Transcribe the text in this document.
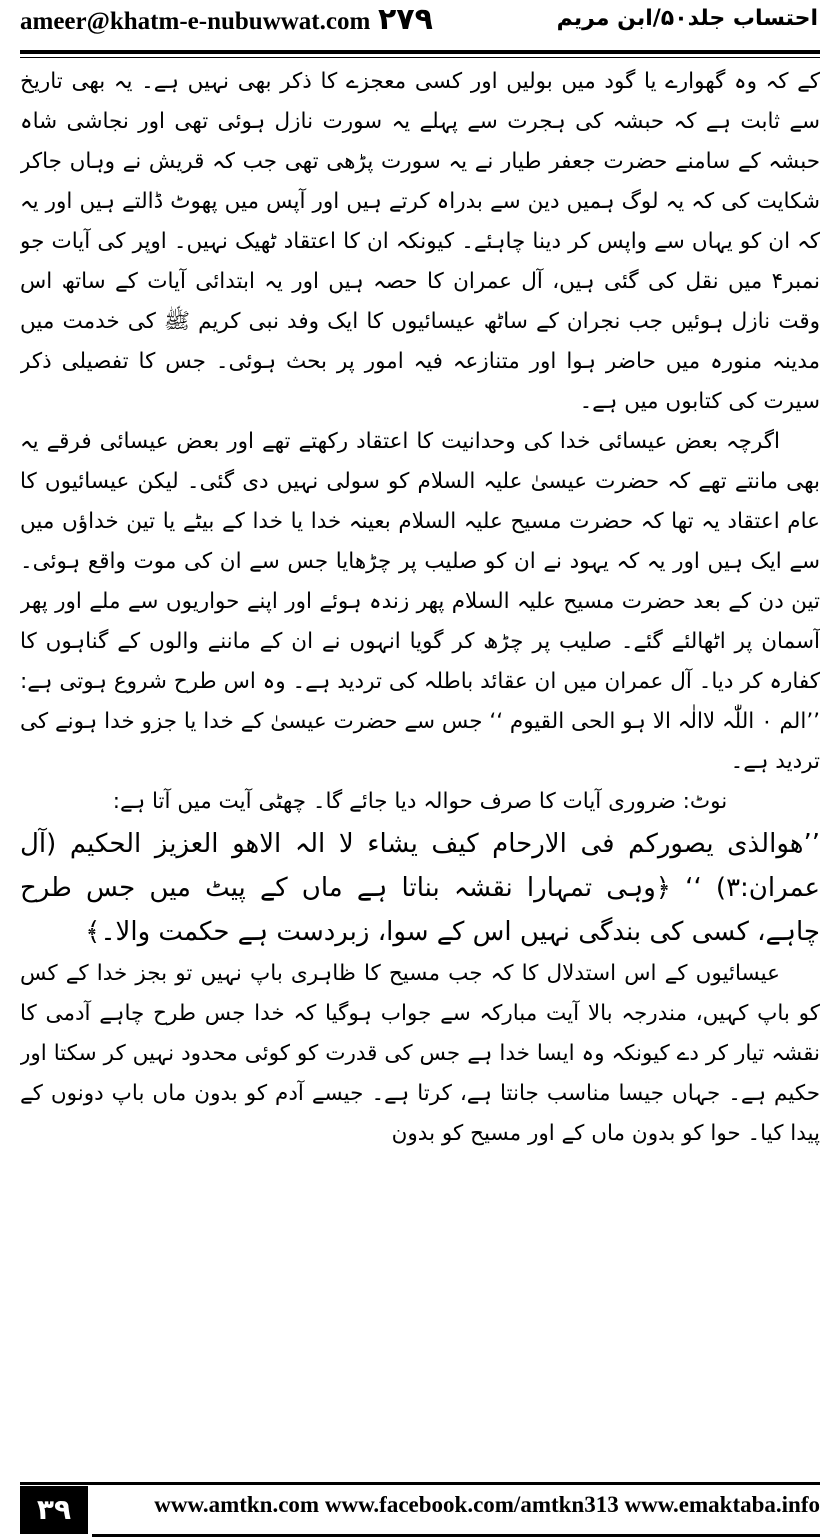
ameer@khatm-e-nubuwwat.com ۲۷۹	احتساب جلد۵۰/ابن مریم

کے کہ وہ گھوارے یا گود میں بولیں اور کسی معجزے کا ذکر بھی نہیں ہے۔ یہ بھی تاریخ سے ثابت ہے کہ حبشہ کی ہجرت سے پہلے یہ سورت نازل ہوئی تھی اور نجاشی شاہ حبشہ کے سامنے حضرت جعفر طیار نے یہ سورت پڑھی تھی جب کہ قریش نے وہاں جاکر شکایت کی کہ یہ لوگ ہمیں دین سے بدراہ کرتے ہیں اور آپس میں پھوٹ ڈالتے ہیں اور یہ کہ ان کو یہاں سے واپس کر دینا چاہئے۔ کیونکہ ان کا اعتقاد ٹھیک نہیں۔ اوپر کی آیات جو نمبر۴ میں نقل کی گئی ہیں، آل عمران کا حصہ ہیں اور یہ ابتدائی آیات کے ساتھ اس وقت نازل ہوئیں جب نجران کے ساٹھ عیسائیوں کا ایک وفد نبی کریم ﷺ کی خدمت میں مدینہ منورہ میں حاضر ہوا اور متنازعہ فیہ امور پر بحث ہوئی۔ جس کا تفصیلی ذکر سیرت کی کتابوں میں ہے۔

اگرچہ بعض عیسائی خدا کی وحدانیت کا اعتقاد رکھتے تھے اور بعض عیسائی فرقے یہ بھی مانتے تھے کہ حضرت عیسیٰ علیہ السلام کو سولی نہیں دی گئی۔ لیکن عیسائیوں کا عام اعتقاد یہ تھا کہ حضرت مسیح علیہ السلام بعینہ خدا یا خدا کے بیٹے یا تین خداؤں میں سے ایک ہیں اور یہ کہ یہود نے ان کو صلیب پر چڑھایا جس سے ان کی موت واقع ہوئی۔ تین دن کے بعد حضرت مسیح علیہ السلام پھر زندہ ہوئے اور اپنے حواریوں سے ملے اور پھر آسمان پر اٹھالئے گئے۔ صلیب پر چڑھ کر گویا انہوں نے ان کے ماننے والوں کے گناہوں کا کفارہ کر دیا۔ آل عمران میں ان عقائد باطلہ کی تردید ہے۔ وہ اس طرح شروع ہوتی ہے: ’’الم ۰ اللّٰہ لاالٰہ الا ہو الحی القیوم ‘‘ جس سے حضرت عیسیٰ کے خدا یا جزو خدا ہونے کی تردید ہے۔

نوٹ: ضروری آیات کا صرف حوالہ دیا جائے گا۔ چھٹی آیت میں آتا ہے:

’’ھوالذی یصورکم فی الارحام کیف یشاء لا الہ الاھو العزیز الحکیم (آل عمران:۳) ‘‘ ﴿وہی تمہارا نقشہ بناتا ہے ماں کے پیٹ میں جس طرح چاہے، کسی کی بندگی نہیں اس کے سوا، زبردست ہے حکمت والا۔﴾

عیسائیوں کے اس استدلال کا کہ جب مسیح کا ظاہری باپ نہیں تو بجز خدا کے کس کو باپ کہیں، مندرجہ بالا آیت مبارکہ سے جواب ہوگیا کہ خدا جس طرح چاہے آدمی کا نقشہ تیار کر دے کیونکہ وہ ایسا خدا ہے جس کی قدرت کو کوئی محدود نہیں کر سکتا اور حکیم ہے۔ جہاں جیسا مناسب جانتا ہے، کرتا ہے۔ جیسے آدم کو بدون ماں باپ دونوں کے پیدا کیا۔ حوا کو بدون ماں کے اور مسیح کو بدون

۳۹	www.amtkn.com www.facebook.com/amtkn313 www.emaktaba.info
